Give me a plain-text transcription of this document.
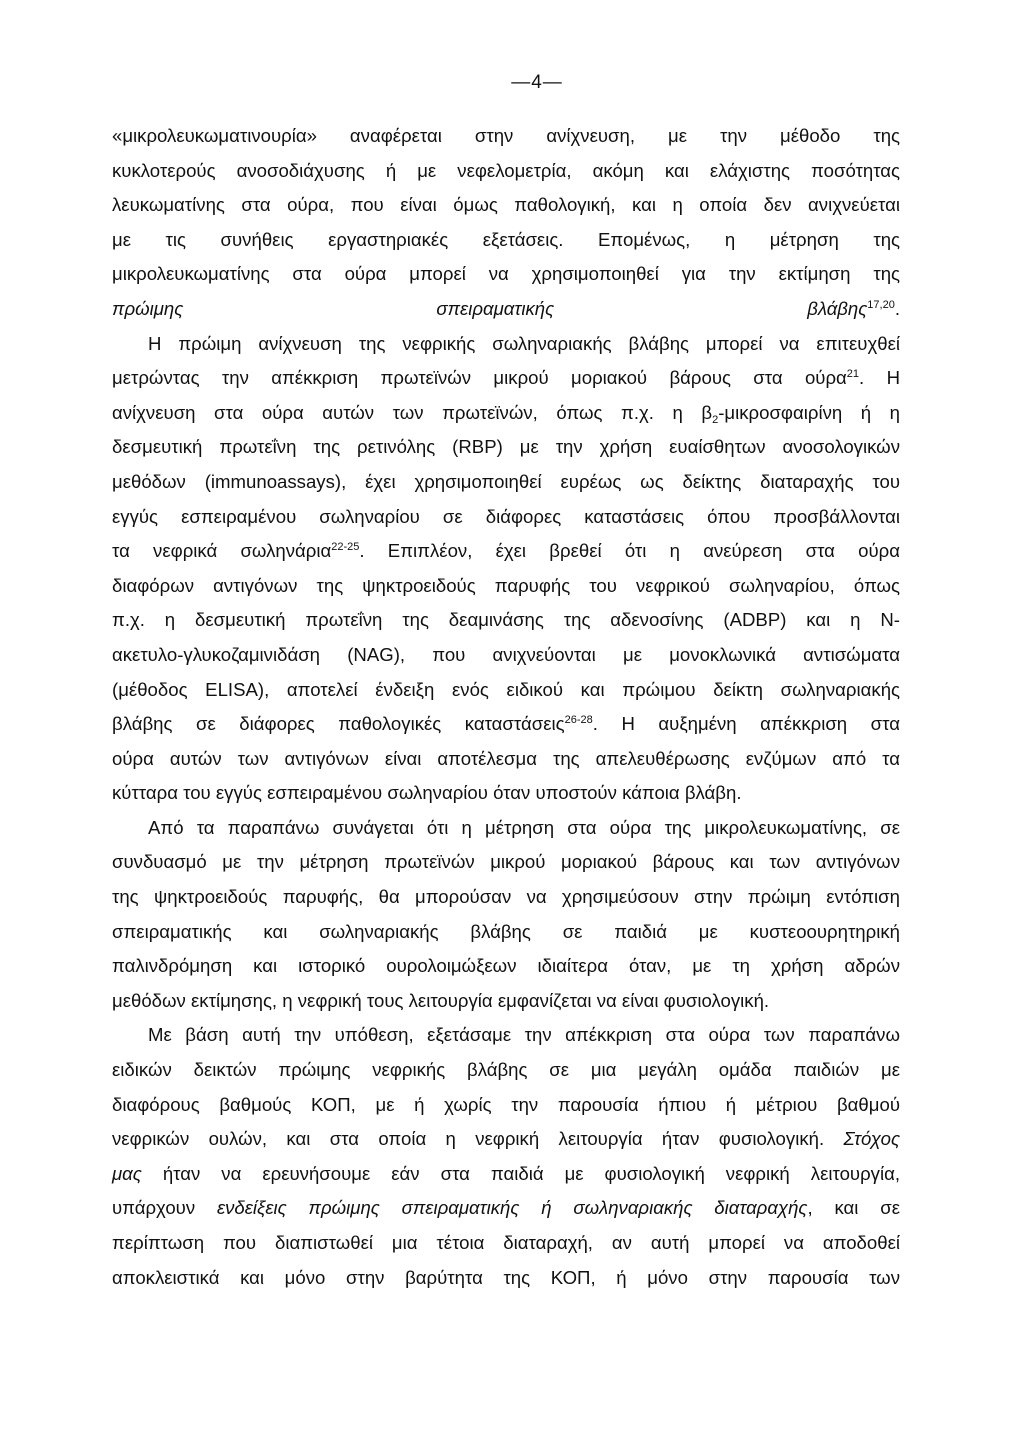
—4—
«μικρολευκωματινουρία» αναφέρεται στην ανίχνευση, με την μέθοδο της
κυκλοτερούς ανοσοδιάχυσης ή με νεφελομετρία, ακόμη και ελάχιστης ποσότητας
λευκωματίνης στα ούρα, που είναι όμως παθολογική, και η οποία δεν ανιχνεύεται
με τις συνήθεις εργαστηριακές εξετάσεις. Επομένως, η μέτρηση της
μικρολευκωματίνης στα ούρα μπορεί να χρησιμοποιηθεί για την εκτίμηση της
πρώιμης σπειραματικής βλάβης$^{17,20}$.
Η πρώιμη ανίχνευση της νεφρικής σωληναριακής βλάβης μπορεί να επιτευχθεί
μετρώντας την απέκκριση πρωτεϊνών μικρού μοριακού βάρους στα ούρα$^{21}$. Η
ανίχνευση στα ούρα αυτών των πρωτεϊνών, όπως π.χ. η $\beta_2$-μικροσφαιρίνη ή η
δεσμευτική πρωτεΐνη της ρετινόλης (RBP) με την χρήση ευαίσθητων ανοσολογικών
μεθόδων (immunoassays), έχει χρησιμοποιηθεί ευρέως ως δείκτης διαταραχής του
εγγύς εσπειραμένου σωληναρίου σε διάφορες καταστάσεις όπου προσβάλλονται
τα νεφρικά σωληνάρια$^{22-25}$. Επιπλέον, έχει βρεθεί ότι η ανεύρεση στα ούρα
διαφόρων αντιγόνων της ψηκτροειδούς παρυφής του νεφρικού σωληναρίου, όπως
π.χ. η δεσμευτική πρωτεΐνη της δεαμινάσης της αδενοσίνης (ADBP) και η Ν-
ακετυλο-γλυκοζαμινιδάση (NAG), που ανιχνεύονται με μονοκλωνικά αντισώματα
(μέθοδος ELISA), αποτελεί ένδειξη ενός ειδικού και πρώιμου δείκτη σωληναριακής
βλάβης σε διάφορες παθολογικές καταστάσεις$^{26-28}$. Η αυξημένη απέκκριση στα
ούρα αυτών των αντιγόνων είναι αποτέλεσμα της απελευθέρωσης ενζύμων από τα
κύτταρα του εγγύς εσπειραμένου σωληναρίου όταν υποστούν κάποια βλάβη.
Από τα παραπάνω συνάγεται ότι η μέτρηση στα ούρα της μικρολευκωματίνης, σε
συνδυασμό με την μέτρηση πρωτεϊνών μικρού μοριακού βάρους και των αντιγόνων
της ψηκτροειδούς παρυφής, θα μπορούσαν να χρησιμεύσουν στην πρώιμη εντόπιση
σπειραματικής και σωληναριακής βλάβης σε παιδιά με κυστεοουρητηρική
παλινδρόμηση και ιστορικό ουρολοιμώξεων ιδιαίτερα όταν, με τη χρήση αδρών
μεθόδων εκτίμησης, η νεφρική τους λειτουργία εμφανίζεται να είναι φυσιολογική.
Με βάση αυτή την υπόθεση, εξετάσαμε την απέκκριση στα ούρα των παραπάνω
ειδικών δεικτών πρώιμης νεφρικής βλάβης σε μια μεγάλη ομάδα παιδιών με
διαφόρους βαθμούς ΚΟΠ, με ή χωρίς την παρουσία ήπιου ή μέτριου βαθμού
νεφρικών ουλών, και στα οποία η νεφρική λειτουργία ήταν φυσιολογική. Στόχος
μας ήταν να ερευνήσουμε εάν στα παιδιά με φυσιολογική νεφρική λειτουργία,
υπάρχουν ενδείξεις πρώιμης σπειραματικής ή σωληναριακής διαταραχής, και σε
περίπτωση που διαπιστωθεί μια τέτοια διαταραχή, αν αυτή μπορεί να αποδοθεί
αποκλειστικά και μόνο στην βαρύτητα της ΚΟΠ, ή μόνο στην παρουσία των
